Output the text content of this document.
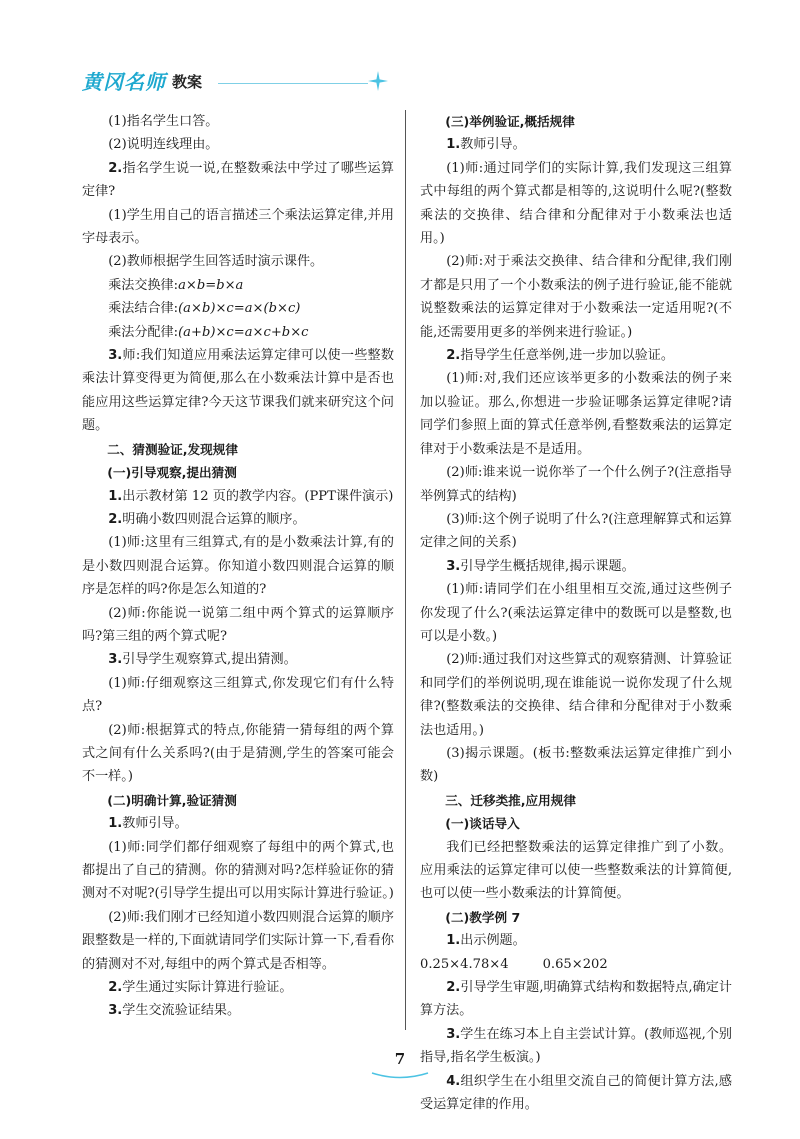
黄冈名师 教案

(1)指名学生口答。

(2)说明连线理由。

2.指名学生说一说,在整数乘法中学过了哪些运算定律?

(1)学生用自己的语言描述三个乘法运算定律,并用字母表示。

(2)教师根据学生回答适时演示课件。

乘法交换律:a×b=b×a

乘法结合律:(a×b)×c=a×(b×c)

乘法分配律:(a+b)×c=a×c+b×c

3.师:我们知道应用乘法运算定律可以使一些整数乘法计算变得更为简便,那么在小数乘法计算中是否也能应用这些运算定律?今天这节课我们就来研究这个问题。

二、猜测验证,发现规律

(一)引导观察,提出猜测

1.出示教材第 12 页的教学内容。(PPT课件演示)

2.明确小数四则混合运算的顺序。

(1)师:这里有三组算式,有的是小数乘法计算,有的是小数四则混合运算。你知道小数四则混合运算的顺序是怎样的吗?你是怎么知道的?

(2)师:你能说一说第二组中两个算式的运算顺序吗?第三组的两个算式呢?

3.引导学生观察算式,提出猜测。

(1)师:仔细观察这三组算式,你发现它们有什么特点?

(2)师:根据算式的特点,你能猜一猜每组的两个算式之间有什么关系吗?(由于是猜测,学生的答案可能会不一样。)

(二)明确计算,验证猜测

1.教师引导。

(1)师:同学们都仔细观察了每组中的两个算式,也都提出了自己的猜测。你的猜测对吗?怎样验证你的猜测对不对呢?(引导学生提出可以用实际计算进行验证。)

(2)师:我们刚才已经知道小数四则混合运算的顺序跟整数是一样的,下面就请同学们实际计算一下,看看你的猜测对不对,每组中的两个算式是否相等。

2.学生通过实际计算进行验证。

3.学生交流验证结果。

(三)举例验证,概括规律

1.教师引导。

(1)师:通过同学们的实际计算,我们发现这三组算式中每组的两个算式都是相等的,这说明什么呢?(整数乘法的交换律、结合律和分配律对于小数乘法也适用。)

(2)师:对于乘法交换律、结合律和分配律,我们刚才都是只用了一个小数乘法的例子进行验证,能不能就说整数乘法的运算定律对于小数乘法一定适用呢?(不能,还需要用更多的举例来进行验证。)

2.指导学生任意举例,进一步加以验证。

(1)师:对,我们还应该举更多的小数乘法的例子来加以验证。那么,你想进一步验证哪条运算定律呢?请同学们参照上面的算式任意举例,看整数乘法的运算定律对于小数乘法是不是适用。

(2)师:谁来说一说你举了一个什么例子?(注意指导举例算式的结构)

(3)师:这个例子说明了什么?(注意理解算式和运算定律之间的关系)

3.引导学生概括规律,揭示课题。

(1)师:请同学们在小组里相互交流,通过这些例子你发现了什么?(乘法运算定律中的数既可以是整数,也可以是小数。)

(2)师:通过我们对这些算式的观察猜测、计算验证和同学们的举例说明,现在谁能说一说你发现了什么规律?(整数乘法的交换律、结合律和分配律对于小数乘法也适用。)

(3)揭示课题。(板书:整数乘法运算定律推广到小数)

三、迁移类推,应用规律

(一)谈话导入

我们已经把整数乘法的运算定律推广到了小数。应用乘法的运算定律可以使一些整数乘法的计算简便,也可以使一些小数乘法的计算简便。

(二)教学例 7

1.出示例题。

0.25×4.78×4	0.65×202

2.引导学生审题,明确算式结构和数据特点,确定计算方法。

3.学生在练习本上自主尝试计算。(教师巡视,个别指导,指名学生板演。)

4.组织学生在小组里交流自己的简便计算方法,感受运算定律的作用。

7
